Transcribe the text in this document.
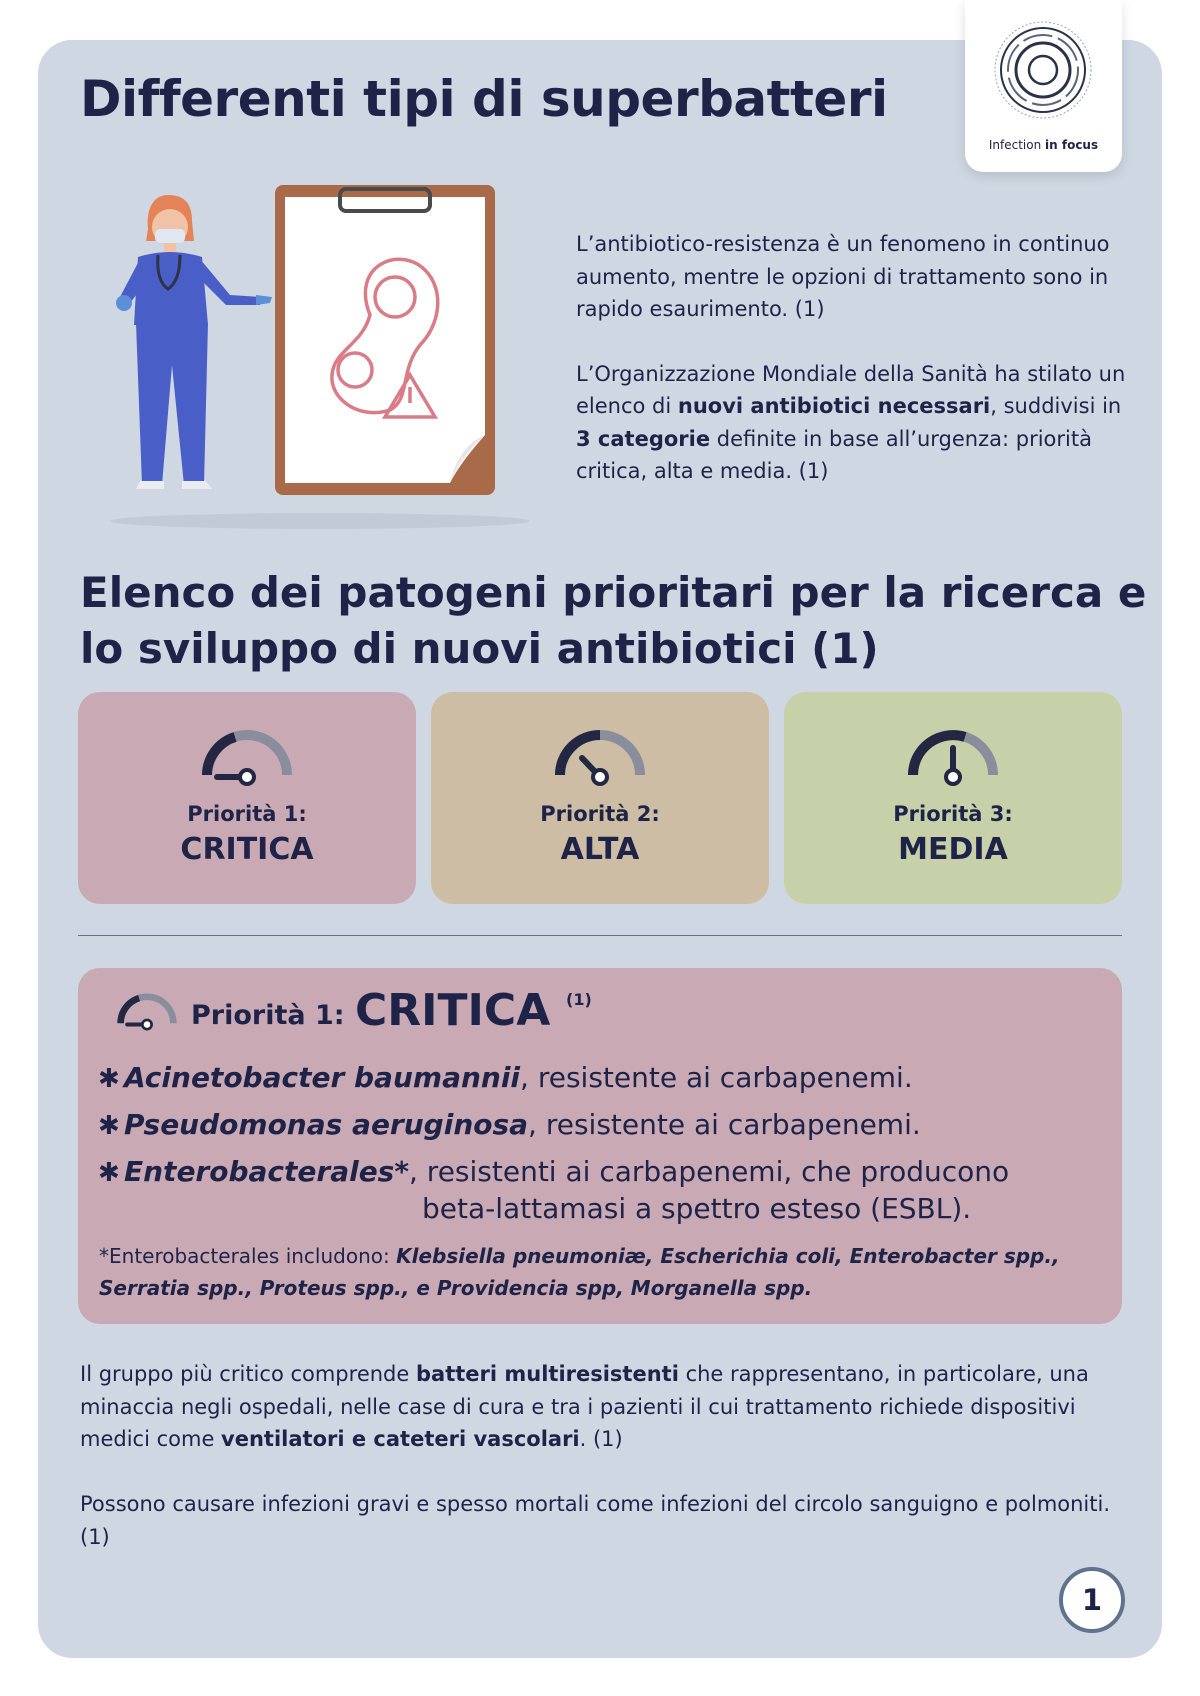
Infection in focus
Differenti tipi di superbatteri

L’antibiotico-resistenza è un fenomeno in continuo aumento, mentre le opzioni di trattamento sono in rapido esaurimento. (1)

L’Organizzazione Mondiale della Sanità ha stilato un elenco di nuovi antibiotici necessari, suddivisi in 3 categorie definite in base all’urgenza: priorità critica, alta e media. (1)

Elenco dei patogeni prioritari per la ricerca e lo sviluppo di nuovi antibiotici (1)
Priorità 1:
CRITICA
Priorità 2:
ALTA
Priorità 3:
MEDIA
Priorità 1: CRITICA (1)
✱ Acinetobacter baumannii, resistente ai carbapenemi.
✱ Pseudomonas aeruginosa, resistente ai carbapenemi.
✱ Enterobacterales*, resistenti ai carbapenemi, che producono
beta-lattamasi a spettro esteso (ESBL).
*Enterobacterales includono: Klebsiella pneumoniæ, Escherichia coli, Enterobacter spp., Serratia spp., Proteus spp., e Providencia spp, Morganella spp.
Il gruppo più critico comprende batteri multiresistenti che rappresentano, in particolare, una minaccia negli ospedali, nelle case di cura e tra i pazienti il cui trattamento richiede dispositivi medici come ventilatori e cateteri vascolari. (1)
Possono causare infezioni gravi e spesso mortali come infezioni del circolo sanguigno e polmoniti. (1)
1
